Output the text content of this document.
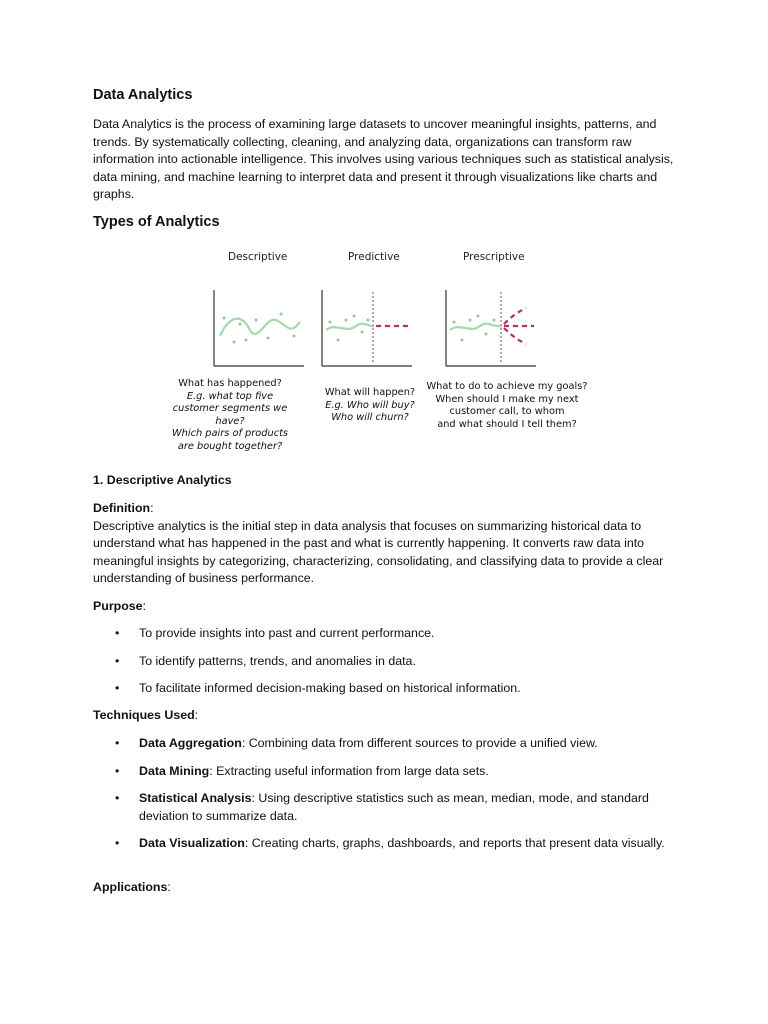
Data Analytics

Data Analytics is the process of examining large datasets to uncover meaningful insights, patterns, and trends. By systematically collecting, cleaning, and analyzing data, organizations can transform raw information into actionable intelligence. This involves using various techniques such as statistical analysis, data mining, and machine learning to interpret data and present it through visualizations like charts and graphs.

Types of Analytics
Descriptive	Predictive	Prescriptive
What has happened?
E.g. what top five
customer segments we have?
Which pairs of products
are bought together?
What will happen?
E.g. Who will buy?
Who will churn?
What to do to achieve my goals?
When should I make my next
customer call, to whom
and what should I tell them?

1. Descriptive Analytics

Definition:

Descriptive analytics is the initial step in data analysis that focuses on summarizing historical data to understand what has happened in the past and what is currently happening. It converts raw data into meaningful insights by categorizing, characterizing, consolidating, and classifying data to provide a clear understanding of business performance.

Purpose:

• To provide insights into past and current performance.
• To identify patterns, trends, and anomalies in data.
• To facilitate informed decision-making based on historical information.

Techniques Used:

• Data Aggregation: Combining data from different sources to provide a unified view.
• Data Mining: Extracting useful information from large data sets.
• Statistical Analysis: Using descriptive statistics such as mean, median, mode, and standard deviation to summarize data.
• Data Visualization: Creating charts, graphs, dashboards, and reports that present data visually.

Applications:
